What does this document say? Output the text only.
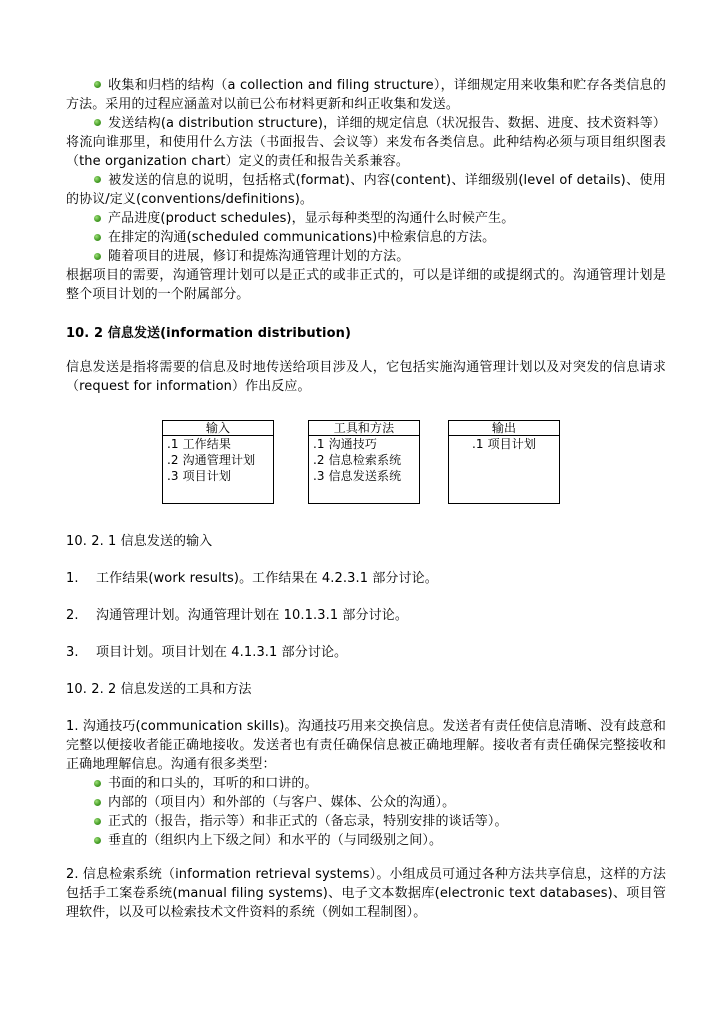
收集和归档的结构（a collection and filing structure），详细规定用来收集和贮存各类信息的方法。采用的过程应涵盖对以前已公布材料更新和纠正收集和发送。

发送结构(a distribution structure)，详细的规定信息（状况报告、数据、进度、技术资料等）将流向谁那里，和使用什么方法（书面报告、会议等）来发布各类信息。此种结构必须与项目组织图表（the organization chart）定义的责任和报告关系兼容。

被发送的信息的说明，包括格式(format)、内容(content)、详细级别(level of details)、使用的协议/定义(conventions/definitions)。

产品进度(product schedules)，显示每种类型的沟通什么时候产生。

在排定的沟通(scheduled communications)中检索信息的方法。

随着项目的进展，修订和提炼沟通管理计划的方法。

根据项目的需要，沟通管理计划可以是正式的或非正式的，可以是详细的或提纲式的。沟通管理计划是整个项目计划的一个附属部分。

10. 2 信息发送(information distribution)

信息发送是指将需要的信息及时地传送给项目涉及人，它包括实施沟通管理计划以及对突发的信息请求（request for information）作出反应。

输入
.1 工作结果
.2 沟通管理计划
.3 项目计划
工具和方法
.1 沟通技巧
.2 信息检索系统
.3 信息发送系统
输出
.1 项目计划

10. 2. 1 信息发送的输入

1. 工作结果(work results)。工作结果在 4.2.3.1 部分讨论。

2. 沟通管理计划。沟通管理计划在 10.1.3.1 部分讨论。

3. 项目计划。项目计划在 4.1.3.1 部分讨论。

10. 2. 2 信息发送的工具和方法

1. 沟通技巧(communication skills)。沟通技巧用来交换信息。发送者有责任使信息清晰、没有歧意和完整以便接收者能正确地接收。发送者也有责任确保信息被正确地理解。接收者有责任确保完整接收和正确地理解信息。沟通有很多类型：

书面的和口头的，耳听的和口讲的。

内部的（项目内）和外部的（与客户、媒体、公众的沟通）。

正式的（报告，指示等）和非正式的（备忘录，特别安排的谈话等）。

垂直的（组织内上下级之间）和水平的（与同级别之间）。

2. 信息检索系统（information retrieval systems）。小组成员可通过各种方法共享信息，这样的方法包括手工案卷系统(manual filing systems)、电子文本数据库(electronic text databases)、项目管理软件，以及可以检索技术文件资料的系统（例如工程制图）。
